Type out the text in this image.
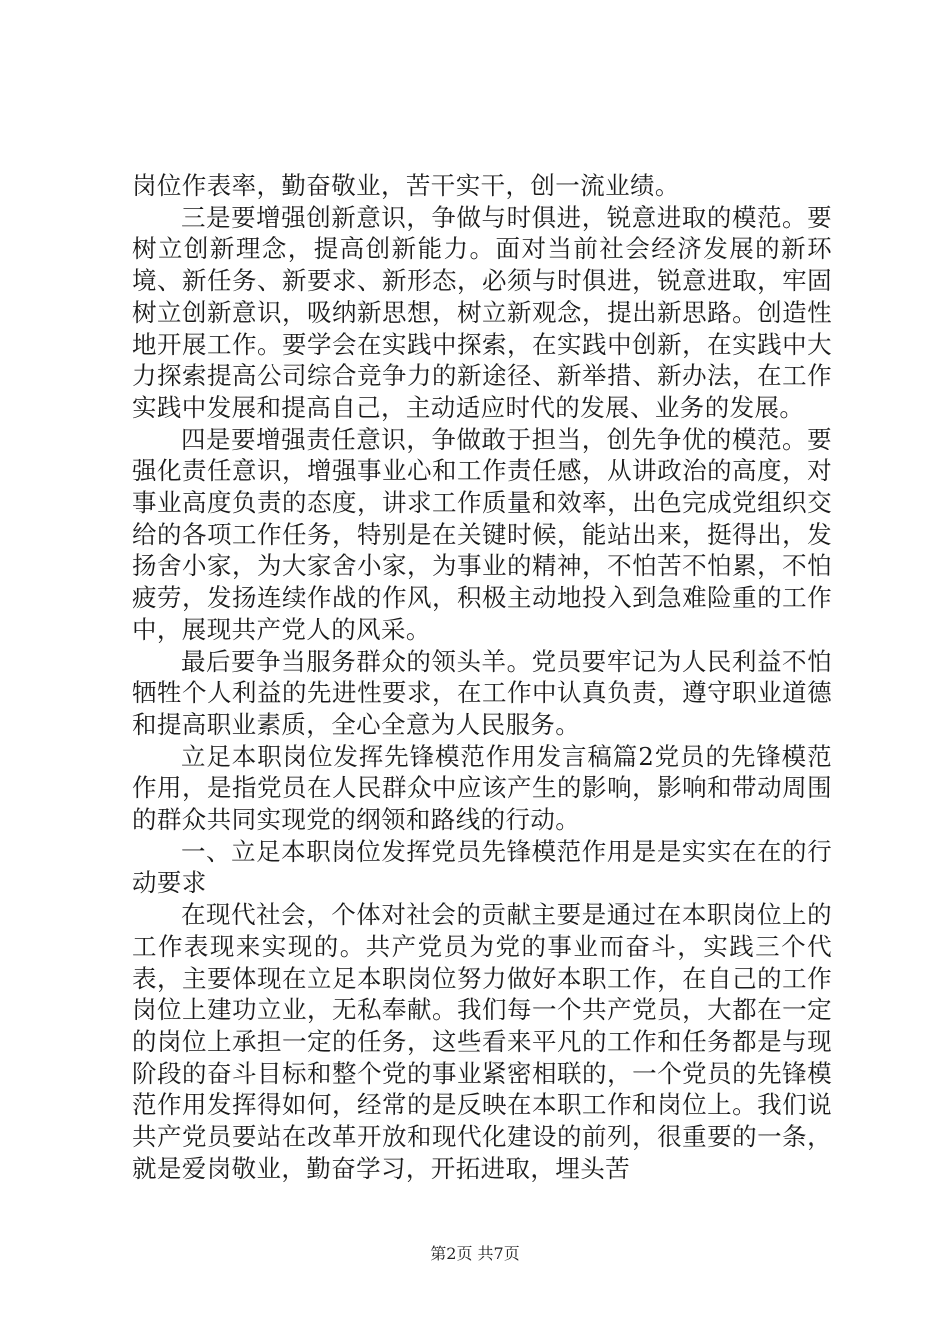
岗位作表率，勤奋敬业，苦干实干，创一流业绩。

三是要增强创新意识，争做与时俱进，锐意进取的模范。要树立创新理念，提高创新能力。面对当前社会经济发展的新环境、新任务、新要求、新形态，必须与时俱进，锐意进取，牢固树立创新意识，吸纳新思想，树立新观念，提出新思路。创造性地开展工作。要学会在实践中探索，在实践中创新，在实践中大力探索提高公司综合竞争力的新途径、新举措、新办法，在工作实践中发展和提高自己，主动适应时代的发展、业务的发展。

四是要增强责任意识，争做敢于担当，创先争优的模范。要强化责任意识，增强事业心和工作责任感，从讲政治的高度，对事业高度负责的态度，讲求工作质量和效率，出色完成党组织交给的各项工作任务，特别是在关键时候，能站出来，挺得出，发扬舍小家，为大家舍小家，为事业的精神，不怕苦不怕累，不怕疲劳，发扬连续作战的作风，积极主动地投入到急难险重的工作中，展现共产党人的风采。

最后要争当服务群众的领头羊。党员要牢记为人民利益不怕牺牲个人利益的先进性要求，在工作中认真负责，遵守职业道德和提高职业素质，全心全意为人民服务。

立足本职岗位发挥先锋模范作用发言稿篇2党员的先锋模范作用，是指党员在人民群众中应该产生的影响，影响和带动周围的群众共同实现党的纲领和路线的行动。

一、立足本职岗位发挥党员先锋模范作用是是实实在在的行动要求

在现代社会，个体对社会的贡献主要是通过在本职岗位上的工作表现来实现的。共产党员为党的事业而奋斗，实践三个代表，主要体现在立足本职岗位努力做好本职工作，在自己的工作岗位上建功立业，无私奉献。我们每一个共产党员，大都在一定的岗位上承担一定的任务，这些看来平凡的工作和任务都是与现阶段的奋斗目标和整个党的事业紧密相联的，一个党员的先锋模范作用发挥得如何，经常的是反映在本职工作和岗位上。我们说共产党员要站在改革开放和现代化建设的前列，很重要的一条，就是爱岗敬业，勤奋学习，开拓进取，埋头苦

第2页 共7页
